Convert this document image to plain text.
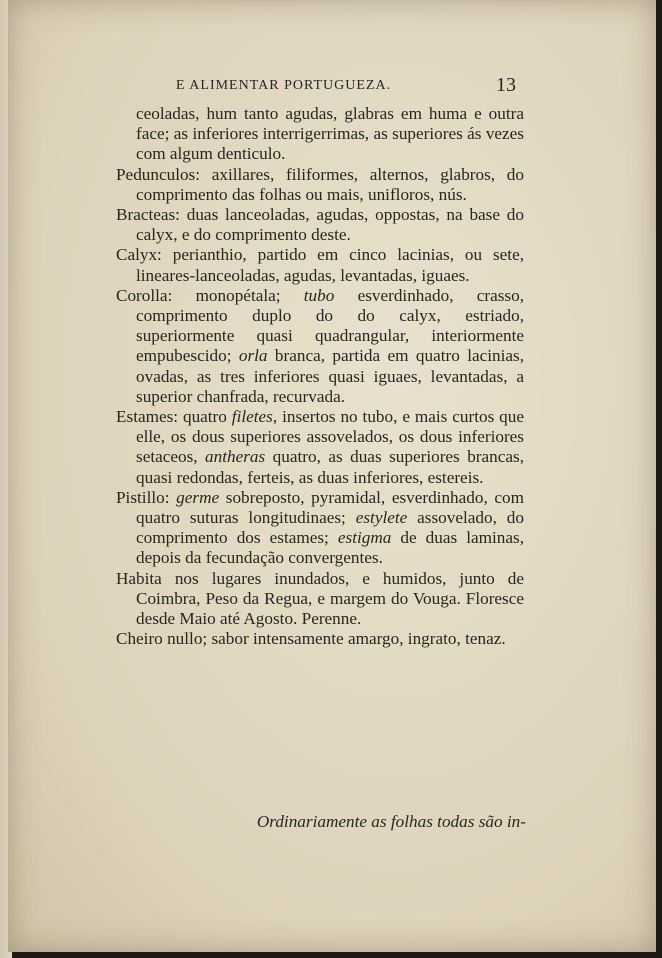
E ALIMENTAR PORTUGUEZA.	13

ceoladas, hum tanto agudas, glabras em huma e outra face; as inferiores interrigerrimas, as superiores ás vezes com algum denticulo.

Pedunculos: axillares, filiformes, alternos, glabros, do comprimento das folhas ou mais, unifloros, nús.

Bracteas: duas lanceoladas, agudas, oppostas, na base do calyx, e do comprimento deste.

Calyx: perianthio, partido em cinco lacinias, ou sete, lineares-lanceoladas, agudas, levantadas, iguaes.

Corolla: monopétala; tubo esverdinhado, crasso, comprimento duplo do do calyx, estriado, superiormente quasi quadrangular, interiormente empubescido; orla branca, partida em quatro lacinias, ovadas, as tres inferiores quasi iguaes, levantadas, a superior chanfrada, recurvada.

Estames: quatro filetes, insertos no tubo, e mais curtos que elle, os dous superiores assovelados, os dous inferiores setaceos, antheras quatro, as duas superiores brancas, quasi redondas, ferteis, as duas inferiores, estereis.

Pistillo: germe sobreposto, pyramidal, esverdinhado, com quatro suturas longitudinaes; estylete assovelado, do comprimento dos estames; estigma de duas laminas, depois da fecundação convergentes.

Habita nos lugares inundados, e humidos, junto de Coimbra, Peso da Regua, e margem do Vouga. Floresce desde Maio até Agosto. Perenne.

Cheiro nullo; sabor intensamente amargo, ingrato, tenaz.

Ordinariamente as folhas todas são in-
